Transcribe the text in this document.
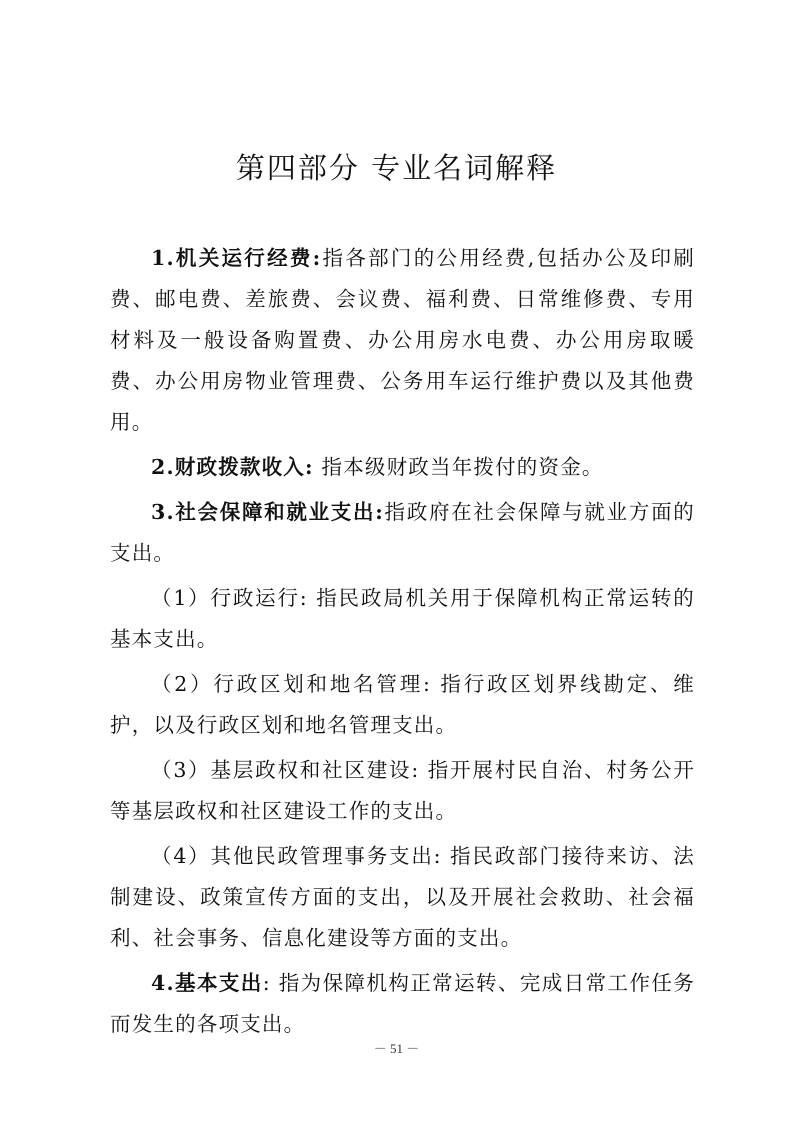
第四部分 专业名词解释

1.机关运行经费:指各部门的公用经费,包括办公及印刷费、邮电费、差旅费、会议费、福利费、日常维修费、专用材料及一般设备购置费、办公用房水电费、办公用房取暖费、办公用房物业管理费、公务用车运行维护费以及其他费用。

2.财政拨款收入: 指本级财政当年拨付的资金。

3.社会保障和就业支出:指政府在社会保障与就业方面的支出。

（1）行政运行: 指民政局机关用于保障机构正常运转的基本支出。

（2）行政区划和地名管理: 指行政区划界线勘定、维护，以及行政区划和地名管理支出。

（3）基层政权和社区建设: 指开展村民自治、村务公开等基层政权和社区建设工作的支出。

（4）其他民政管理事务支出: 指民政部门接待来访、法制建设、政策宣传方面的支出，以及开展社会救助、社会福利、社会事务、信息化建设等方面的支出。

4.基本支出: 指为保障机构正常运转、完成日常工作任务而发生的各项支出。

－ 51 －
